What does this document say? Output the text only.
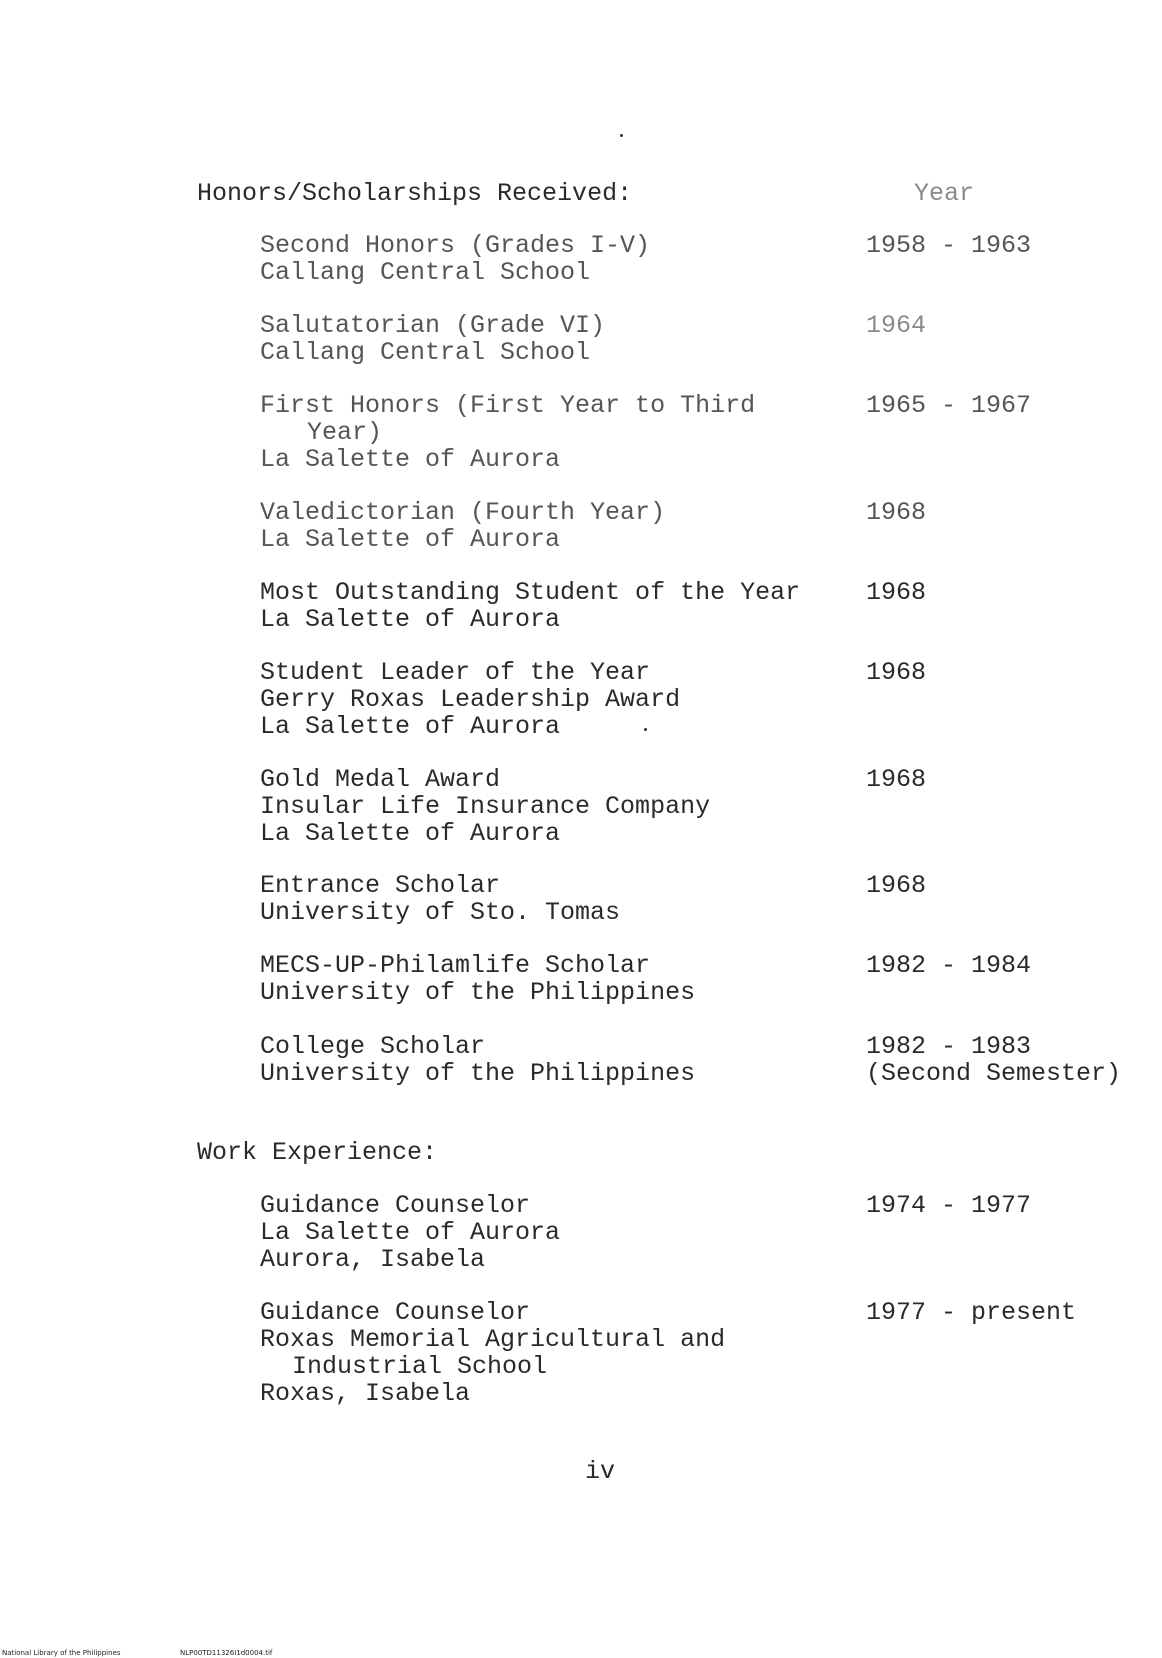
Honors/Scholarships Received:	Year
Second Honors (Grades I-V)
Callang Central School
1958 - 1963
Salutatorian (Grade VI)
Callang Central School
1964
First Honors (First Year to Third
Year)
La Salette of Aurora
1965 - 1967
Valedictorian (Fourth Year)
La Salette of Aurora
1968
Most Outstanding Student of the Year
La Salette of Aurora
1968
Student Leader of the Year
Gerry Roxas Leadership Award
La Salette of Aurora
1968
Gold Medal Award
Insular Life Insurance Company
La Salette of Aurora
1968
Entrance Scholar
University of Sto. Tomas
1968
MECS-UP-Philamlife Scholar
University of the Philippines
1982 - 1984
College Scholar
University of the Philippines
1982 - 1983
(Second Semester)
Work Experience:
Guidance Counselor
La Salette of Aurora
Aurora, Isabela
1974 - 1977
Guidance Counselor
Roxas Memorial Agricultural and
Industrial School
Roxas, Isabela
1977 - present
iv
National Library of the Philippines	NLP00TD11326I1d0004.tif
